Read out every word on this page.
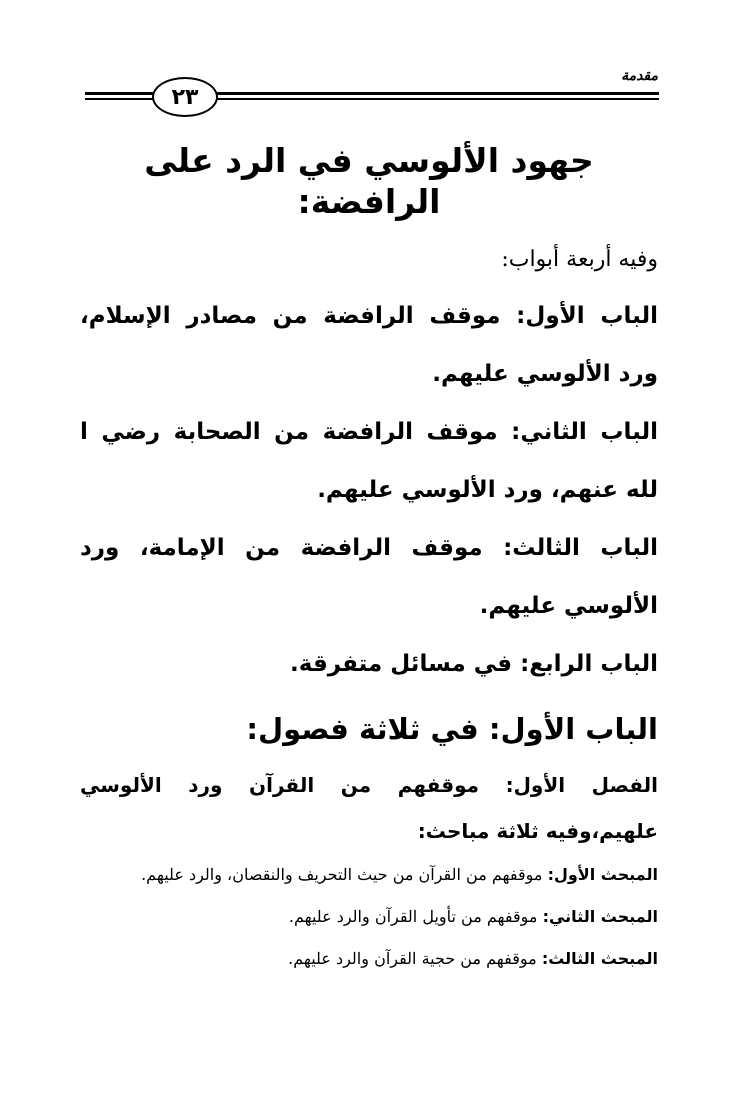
مقدمة
٢٣
جهود الألوسي في الرد على الرافضة:

وفيه أربعة أبواب:

الباب الأول: موقف الرافضة من مصادر الإسلام، ورد الألوسي عليهم.

الباب الثاني: موقف الرافضة من الصحابة رضي ا لله عنهم، ورد الألوسي عليهم.

الباب الثالث: موقف الرافضة من الإمامة، ورد الألوسي عليهم.

الباب الرابع: في مسائل متفرقة.

الباب الأول: في ثلاثة فصول:

الفصل الأول: موقفهم من القرآن ورد الألوسي علهيم،وفيه ثلاثة مباحث:

المبحث الأول: موقفهم من القرآن من حيث التحريف والنقصان، والرد عليهم.

المبحث الثاني: موقفهم من تأويل القرآن والرد عليهم.

المبحث الثالث: موقفهم من حجية القرآن والرد عليهم.
